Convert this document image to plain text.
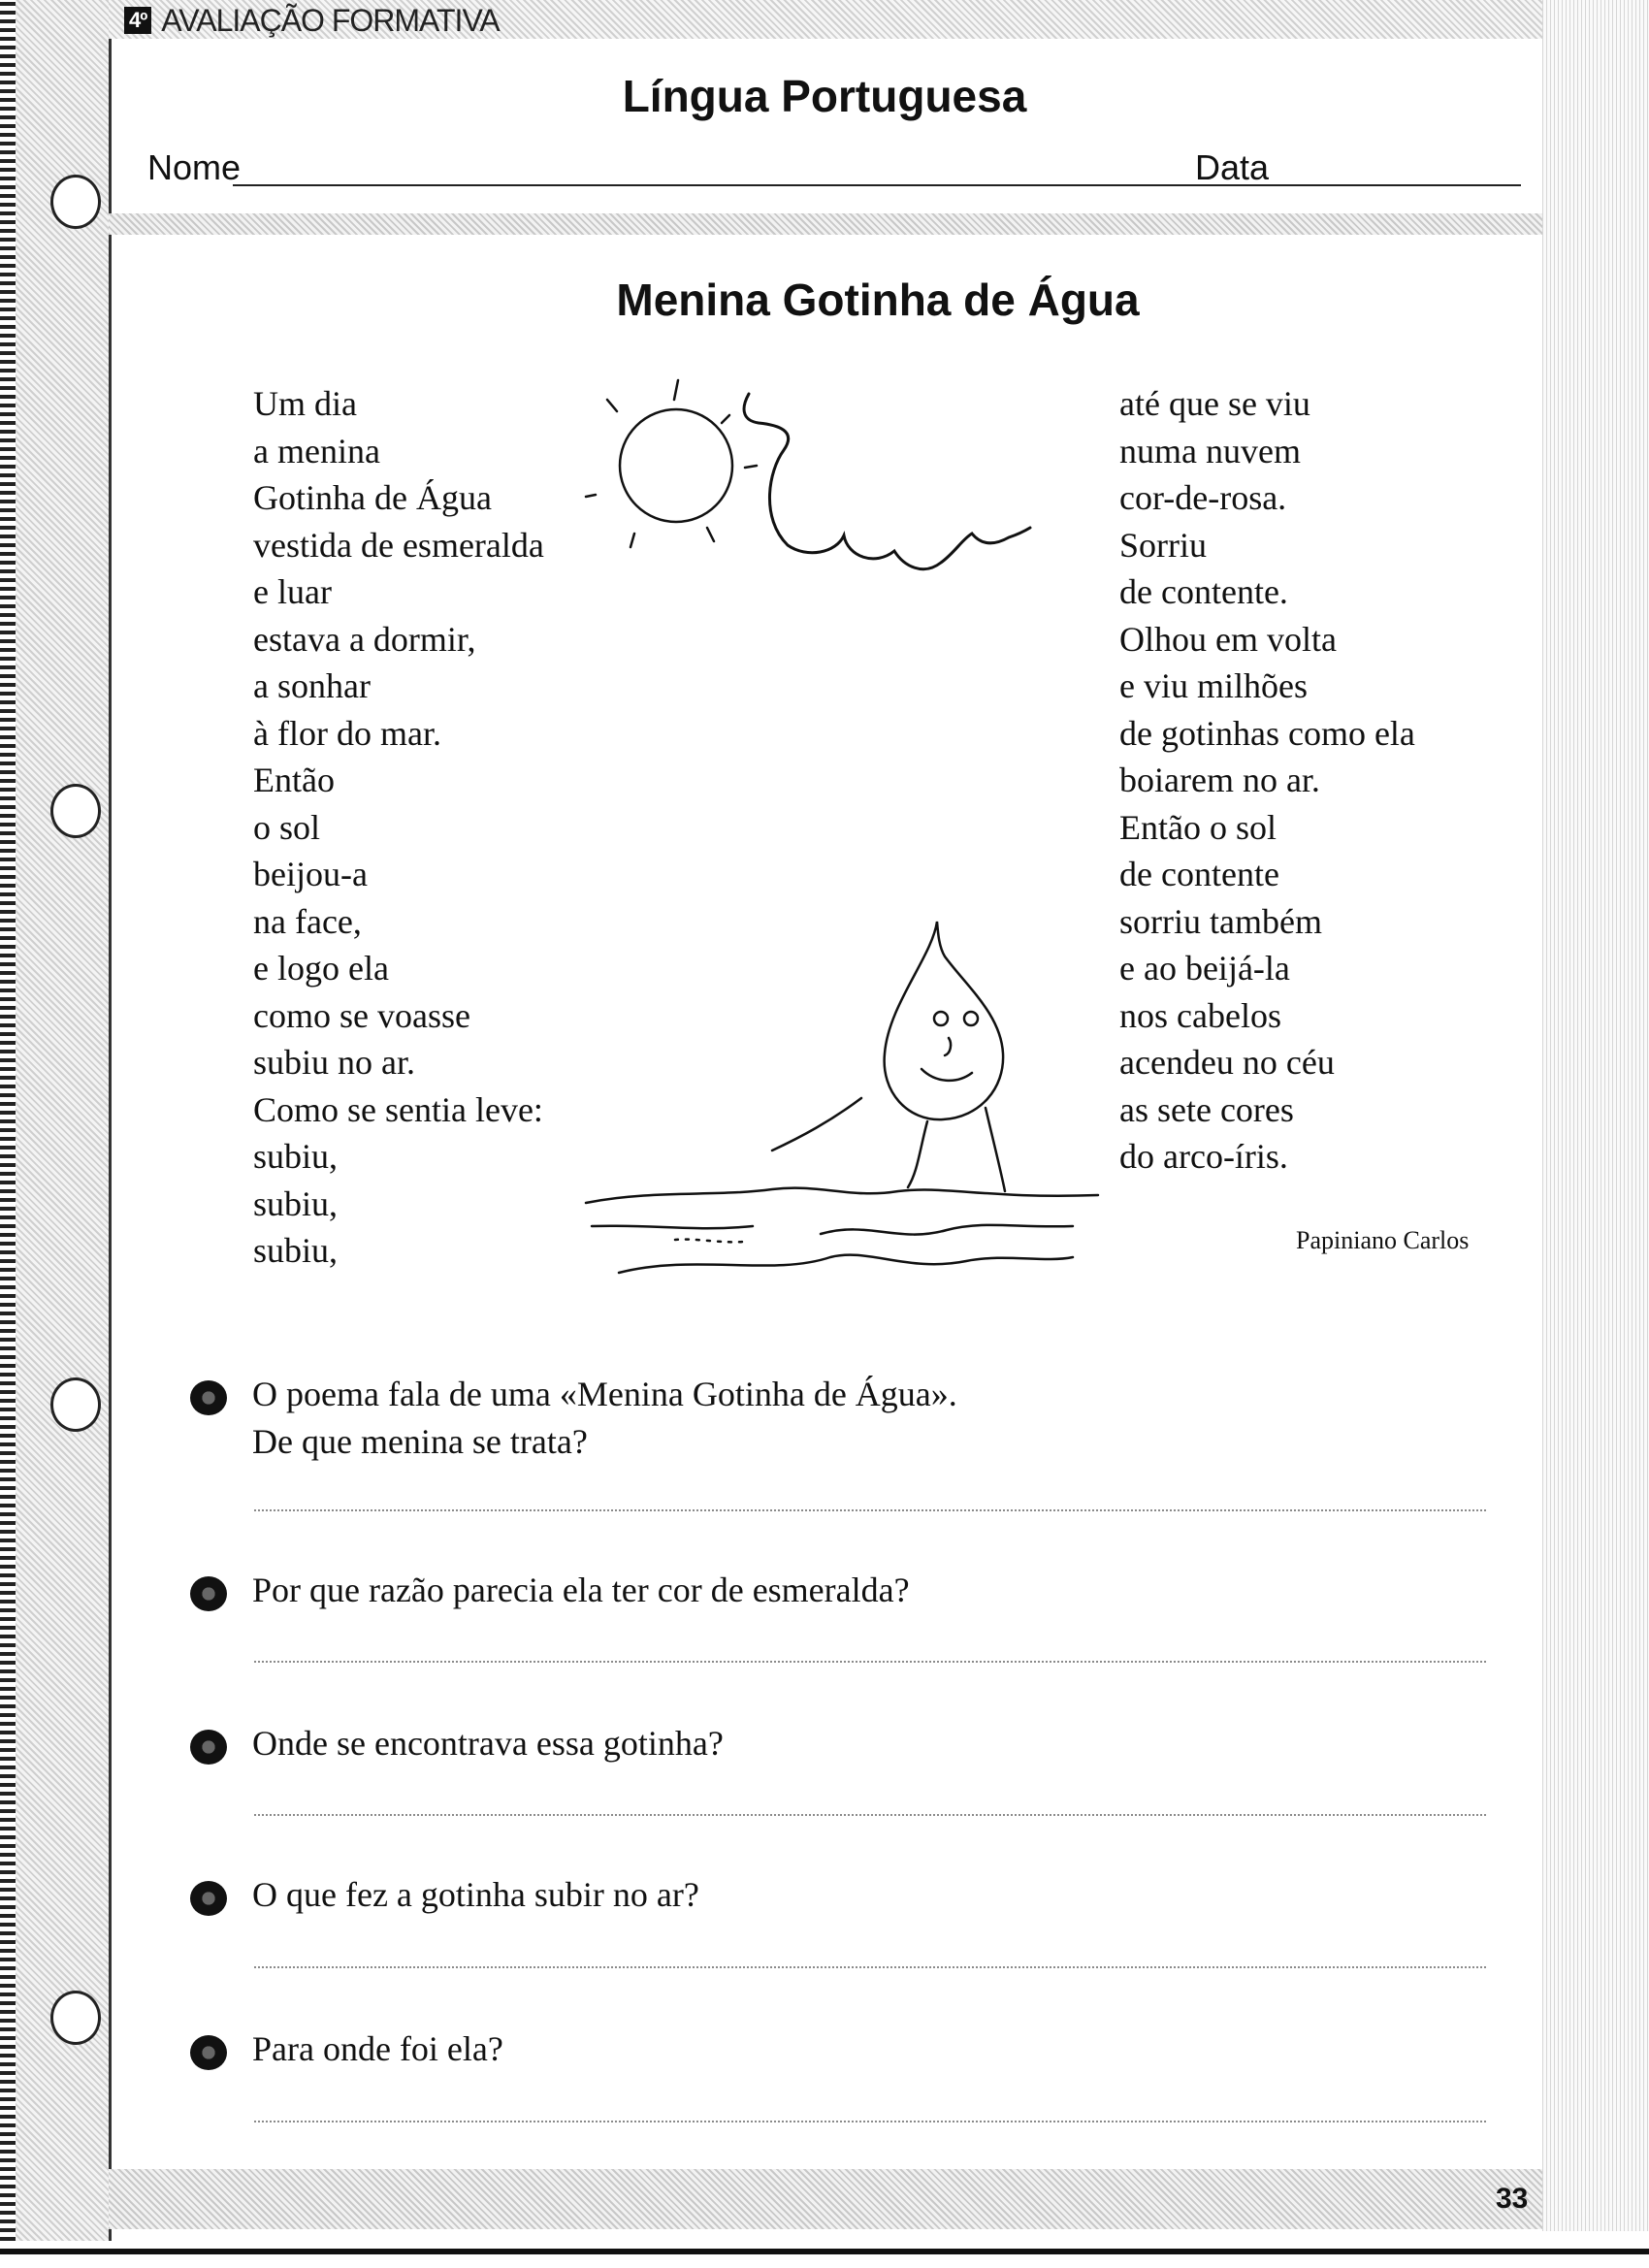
4º AVALIAÇÃO FORMATIVA
Língua Portuguesa
Nome	Data
Menina Gotinha de Água
Um dia
a menina
Gotinha de Água
vestida de esmeralda
e luar
estava a dormir,
a sonhar
à flor do mar.
Então
o sol
beijou-a
na face,
e logo ela
como se voasse
subiu no ar.
Como se sentia leve:
subiu,
subiu,
subiu,
até que se viu
numa nuvem
cor-de-rosa.
Sorriu
de contente.
Olhou em volta
e viu milhões
de gotinhas como ela
boiarem no ar.
Então o sol
de contente
sorriu também
e ao beijá-la
nos cabelos
acendeu no céu
as sete cores
do arco-íris.
Papiniano Carlos
O poema fala de uma «Menina Gotinha de Água».
De que menina se trata?
Por que razão parecia ela ter cor de esmeralda?
Onde se encontrava essa gotinha?
O que fez a gotinha subir no ar?
Para onde foi ela?
33
